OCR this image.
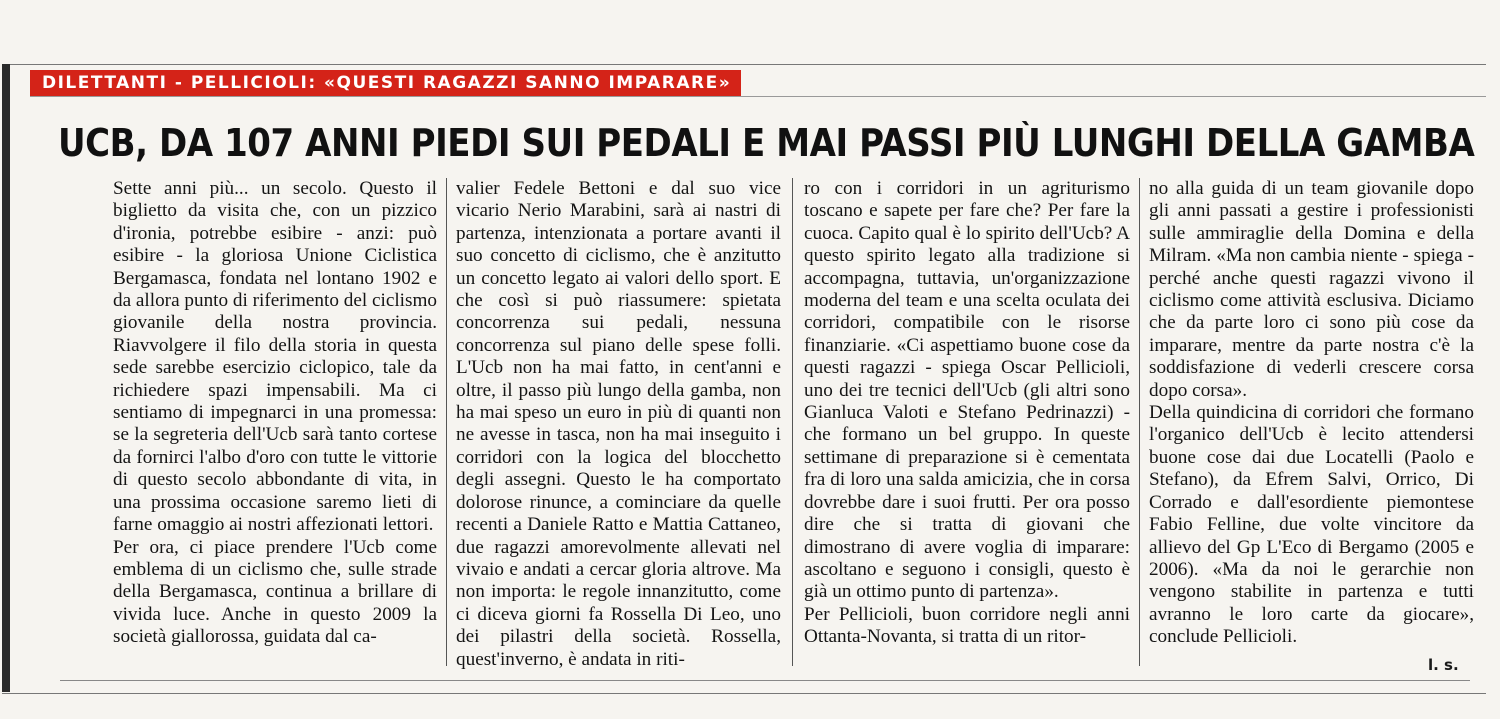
DILETTANTI - PELLICIOLI: «QUESTI RAGAZZI SANNO IMPARARE»
UCB, DA 107 ANNI PIEDI SUI PEDALI E MAI PASSI PIÙ LUNGHI DELLA GAMBA

Sette anni più... un secolo. Questo il biglietto da visita che, con un pizzico d'ironia, potrebbe esibire - anzi: può esibire - la gloriosa Unione Ciclistica Bergamasca, fondata nel lontano 1902 e da allora punto di riferimento del ciclismo giovanile della nostra provincia. Riavvolgere il filo della storia in questa sede sarebbe esercizio ciclopico, tale da richiedere spazi impensabili. Ma ci sentiamo di impegnarci in una promessa: se la segreteria dell'Ucb sarà tanto cortese da fornirci l'albo d'oro con tutte le vittorie di questo secolo abbondante di vita, in una prossima occasione saremo lieti di farne omaggio ai nostri affezionati lettori.

Per ora, ci piace prendere l'Ucb come emblema di un ciclismo che, sulle strade della Bergamasca, continua a brillare di vivida luce. Anche in questo 2009 la società giallorossa, guidata dal ca-

valier Fedele Bettoni e dal suo vice vicario Nerio Marabini, sarà ai nastri di partenza, intenzionata a portare avanti il suo concetto di ciclismo, che è anzitutto un concetto legato ai valori dello sport. E che così si può riassumere: spietata concorrenza sui pedali, nessuna concorrenza sul piano delle spese folli. L'Ucb non ha mai fatto, in cent'anni e oltre, il passo più lungo della gamba, non ha mai speso un euro in più di quanti non ne avesse in tasca, non ha mai inseguito i corridori con la logica del blocchetto degli assegni. Questo le ha comportato dolorose rinunce, a cominciare da quelle recenti a Daniele Ratto e Mattia Cattaneo, due ragazzi amorevolmente allevati nel vivaio e andati a cercar gloria altrove. Ma non importa: le regole innanzitutto, come ci diceva giorni fa Rossella Di Leo, uno dei pilastri della società. Rossella, quest'inverno, è andata in riti-

ro con i corridori in un agriturismo toscano e sapete per fare che? Per fare la cuoca. Capito qual è lo spirito dell'Ucb? A questo spirito legato alla tradizione si accompagna, tuttavia, un'organizzazione moderna del team e una scelta oculata dei corridori, compatibile con le risorse finanziarie. «Ci aspettiamo buone cose da questi ragazzi - spiega Oscar Pellicioli, uno dei tre tecnici dell'Ucb (gli altri sono Gianluca Valoti e Stefano Pedrinazzi) - che formano un bel gruppo. In queste settimane di preparazione si è cementata fra di loro una salda amicizia, che in corsa dovrebbe dare i suoi frutti. Per ora posso dire che si tratta di giovani che dimostrano di avere voglia di imparare: ascoltano e seguono i consigli, questo è già un ottimo punto di partenza».

Per Pellicioli, buon corridore negli anni Ottanta-Novanta, si tratta di un ritor-

no alla guida di un team giovanile dopo gli anni passati a gestire i professionisti sulle ammiraglie della Domina e della Milram. «Ma non cambia niente - spiega - perché anche questi ragazzi vivono il ciclismo come attività esclusiva. Diciamo che da parte loro ci sono più cose da imparare, mentre da parte nostra c'è la soddisfazione di vederli crescere corsa dopo corsa».

Della quindicina di corridori che formano l'organico dell'Ucb è lecito attendersi buone cose dai due Locatelli (Paolo e Stefano), da Efrem Salvi, Orrico, Di Corrado e dall'esordiente piemontese Fabio Felline, due volte vincitore da allievo del Gp L'Eco di Bergamo (2005 e 2006). «Ma da noi le gerarchie non vengono stabilite in partenza e tutti avranno le loro carte da giocare», conclude Pellicioli.

l. s.
